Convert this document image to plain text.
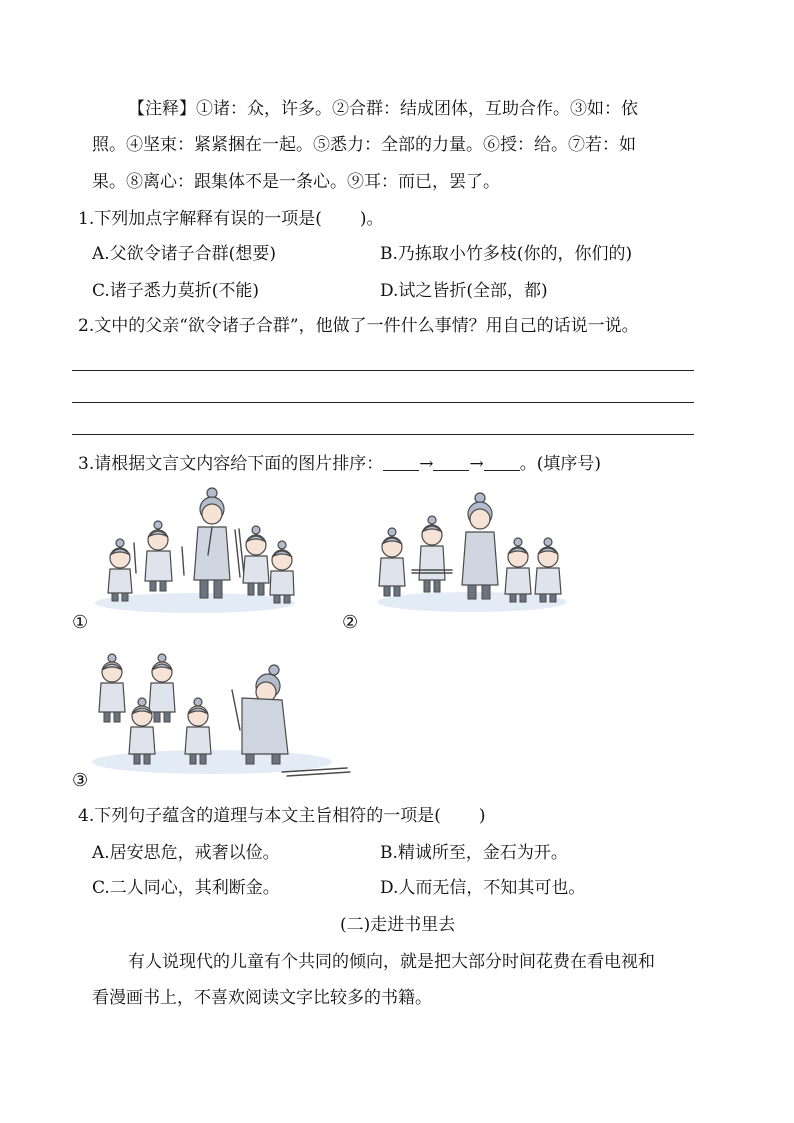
【注释】①诸：众，许多。②合群：结成团体，互助合作。③如：依
照。④坚束：紧紧捆在一起。⑤悉力：全部的力量。⑥授：给。⑦若：如
果。⑧离心：跟集体不是一条心。⑨耳：而已，罢了。
1.下列加点字解释有误的一项是( )。
A.父欲令诸子合群(想要)	B.乃拣取小竹多枝(你的，你们的)
C.诸子悉力莫折(不能)	D.试之皆折(全部，都)
2.文中的父亲“欲令诸子合群”，他做了一件什么事情？用自己的话说一说。
3.请根据文言文内容给下面的图片排序： → → 。(填序号)
①	②
③
4.下列句子蕴含的道理与本文主旨相符的一项是( )
A.居安思危，戒奢以俭。	B.精诚所至，金石为开。
C.二人同心，其利断金。	D.人而无信，不知其可也。
(二)走进书里去
有人说现代的儿童有个共同的倾向，就是把大部分时间花费在看电视和
看漫画书上，不喜欢阅读文字比较多的书籍。
